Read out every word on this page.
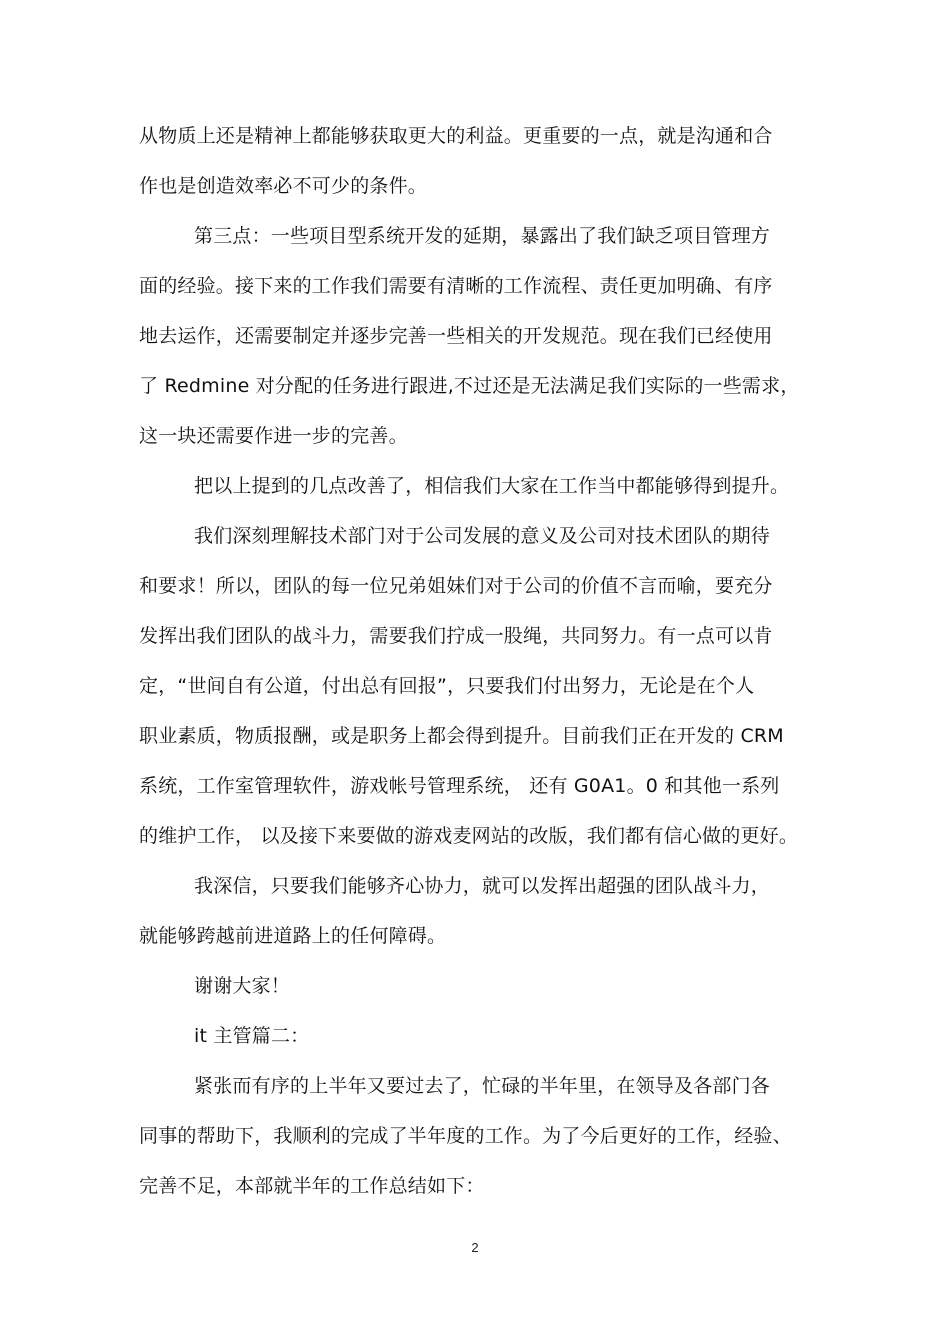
从物质上还是精神上都能够获取更大的利益。更重要的一点，就是沟通和合
作也是创造效率必不可少的条件。
第三点：一些项目型系统开发的延期，暴露出了我们缺乏项目管理方
面的经验。接下来的工作我们需要有清晰的工作流程、责任更加明确、有序
地去运作，还需要制定并逐步完善一些相关的开发规范。现在我们已经使用
了 Redmine 对分配的任务进行跟进,不过还是无法满足我们实际的一些需求，
这一块还需要作进一步的完善。
把以上提到的几点改善了，相信我们大家在工作当中都能够得到提升。
我们深刻理解技术部门对于公司发展的意义及公司对技术团队的期待
和要求！所以，团队的每一位兄弟姐妹们对于公司的价值不言而喻，要充分
发挥出我们团队的战斗力，需要我们拧成一股绳，共同努力。有一点可以肯
定，“世间自有公道，付出总有回报”，只要我们付出努力，无论是在个人
职业素质，物质报酬，或是职务上都会得到提升。目前我们正在开发的 CRM
系统，工作室管理软件，游戏帐号管理系统， 还有 G0A1。0 和其他一系列
的维护工作， 以及接下来要做的游戏麦网站的改版，我们都有信心做的更好。
我深信，只要我们能够齐心协力，就可以发挥出超强的团队战斗力，
就能够跨越前进道路上的任何障碍。
谢谢大家！
it 主管篇二：
紧张而有序的上半年又要过去了，忙碌的半年里，在领导及各部门各
同事的帮助下，我顺利的完成了半年度的工作。为了今后更好的工作，经验、
完善不足，本部就半年的工作总结如下：
2
